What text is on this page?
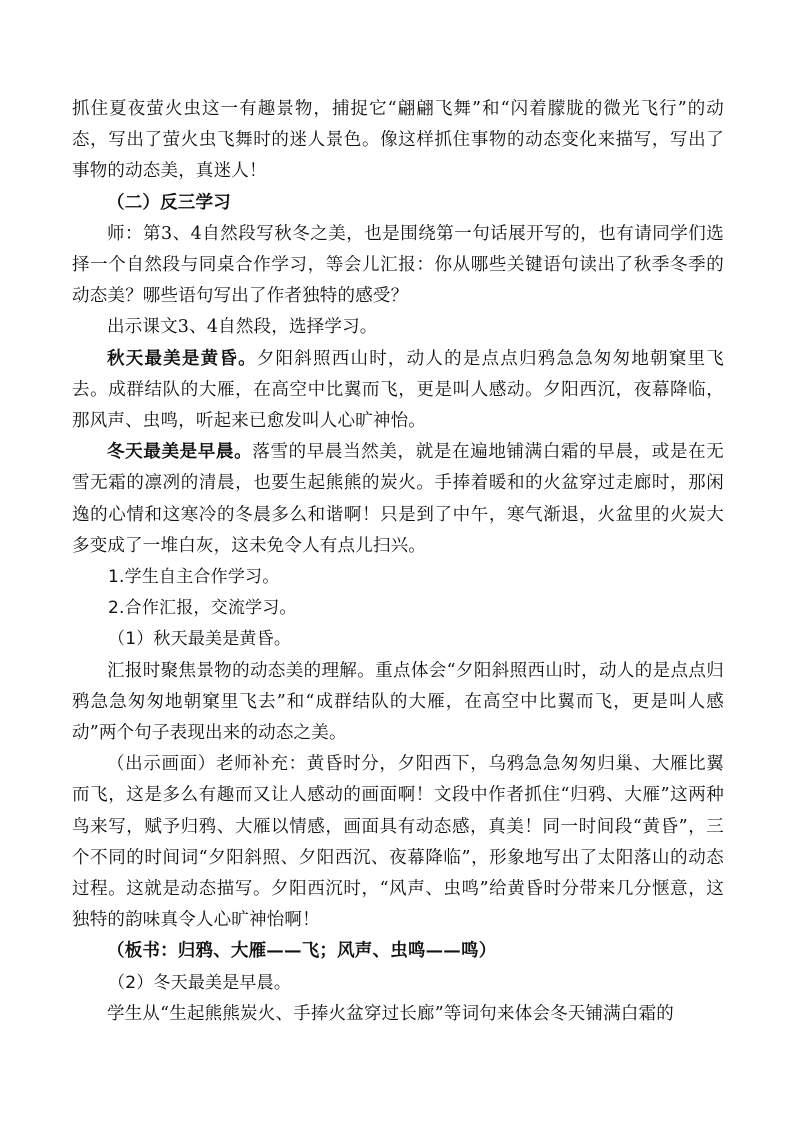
抓住夏夜萤火虫这一有趣景物，捕捉它“翩翩飞舞”和“闪着朦胧的微光飞行”的动态，写出了萤火虫飞舞时的迷人景色。像这样抓住事物的动态变化来描写，写出了事物的动态美，真迷人！

（二）反三学习

师：第3、4自然段写秋冬之美，也是围绕第一句话展开写的，也有请同学们选择一个自然段与同桌合作学习，等会儿汇报：你从哪些关键语句读出了秋季冬季的动态美？哪些语句写出了作者独特的感受？

出示课文3、4自然段，选择学习。

秋天最美是黄昏。夕阳斜照西山时，动人的是点点归鸦急急匆匆地朝窠里飞去。成群结队的大雁，在高空中比翼而飞，更是叫人感动。夕阳西沉，夜幕降临，那风声、虫鸣，听起来已愈发叫人心旷神怡。

冬天最美是早晨。落雪的早晨当然美，就是在遍地铺满白霜的早晨，或是在无雪无霜的凛冽的清晨，也要生起熊熊的炭火。手捧着暖和的火盆穿过走廊时，那闲逸的心情和这寒冷的冬晨多么和谐啊！只是到了中午，寒气渐退，火盆里的火炭大多变成了一堆白灰，这未免令人有点儿扫兴。

1.学生自主合作学习。

2.合作汇报，交流学习。

（1）秋天最美是黄昏。

汇报时聚焦景物的动态美的理解。重点体会“夕阳斜照西山时，动人的是点点归鸦急急匆匆地朝窠里飞去”和“成群结队的大雁，在高空中比翼而飞，更是叫人感动”两个句子表现出来的动态之美。

（出示画面）老师补充：黄昏时分，夕阳西下，乌鸦急急匆匆归巢、大雁比翼而飞，这是多么有趣而又让人感动的画面啊！文段中作者抓住“归鸦、大雁”这两种鸟来写，赋予归鸦、大雁以情感，画面具有动态感，真美！同一时间段“黄昏”，三个不同的时间词“夕阳斜照、夕阳西沉、夜幕降临”，形象地写出了太阳落山的动态过程。这就是动态描写。夕阳西沉时，“风声、虫鸣”给黄昏时分带来几分惬意，这独特的韵味真令人心旷神怡啊！

（板书：归鸦、大雁——飞；风声、虫鸣——鸣）

（2）冬天最美是早晨。

学生从“生起熊熊炭火、手捧火盆穿过长廊”等词句来体会冬天铺满白霜的
